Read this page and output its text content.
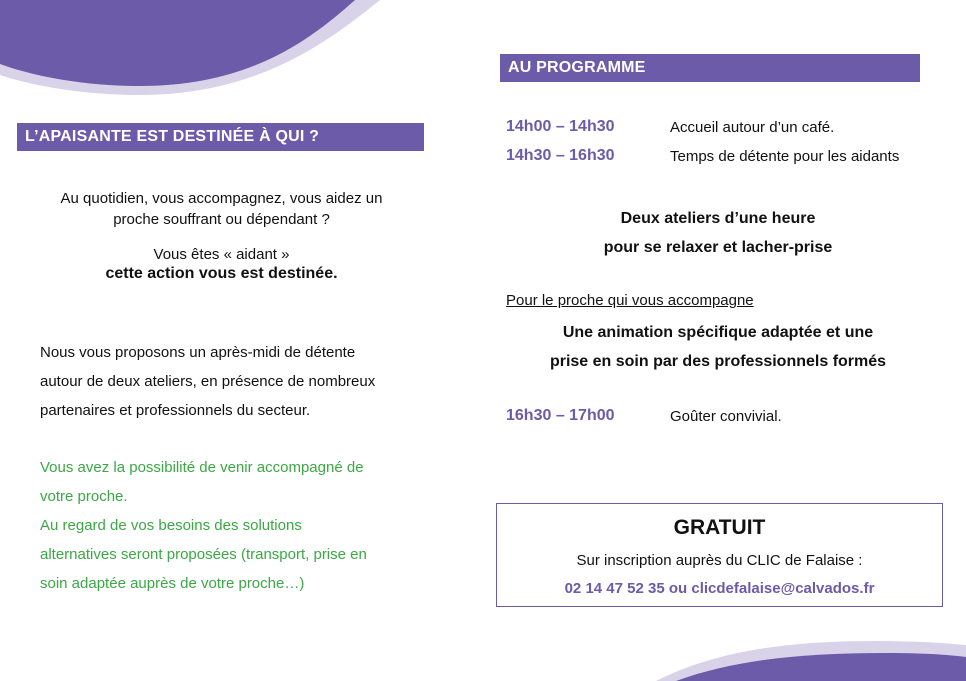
L’APAISANTE EST DESTINÉE À QUI ?
Au quotidien, vous accompagnez, vous aidez un
proche souffrant ou dépendant ?
Vous êtes « aidant »
cette action vous est destinée.
Nous vous proposons un après-midi de détente
autour de deux ateliers, en présence de nombreux
partenaires et professionnels du secteur.
Vous avez la possibilité de venir accompagné de
votre proche.
Au regard de vos besoins des solutions
alternatives seront proposées (transport, prise en
soin adaptée auprès de votre proche…)
AU PROGRAMME
14h00 – 14h30	Accueil autour d’un café.
14h30 – 16h30	Temps de détente pour les aidants
Deux ateliers d’une heure
pour se relaxer et lacher-prise
Pour le proche qui vous accompagne
Une animation spécifique adaptée et une
prise en soin par des professionnels formés
16h30 – 17h00	Goûter convivial.
GRATUIT
Sur inscription auprès du CLIC de Falaise :
02 14 47 52 35 ou clicdefalaise@calvados.fr
